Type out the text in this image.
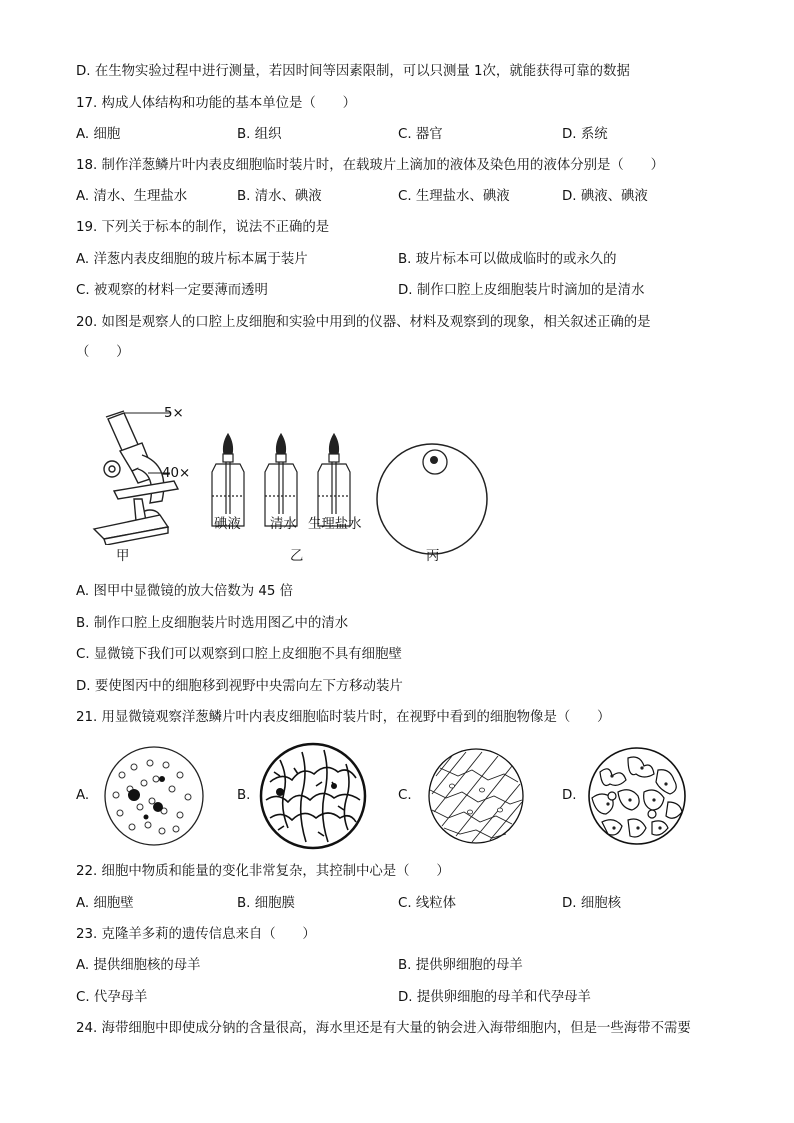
D. 在生物实验过程中进行测量，若因时间等因素限制，可以只测量 1次，就能获得可靠的数据
17. 构成人体结构和功能的基本单位是（　　）
A. 细胞	B. 组织	C. 器官	D. 系统
18. 制作洋葱鳞片叶内表皮细胞临时装片时，在载玻片上滴加的液体及染色用的液体分别是（　　）
A. 清水、生理盐水	B. 清水、碘液	C. 生理盐水、碘液	D. 碘液、碘液
19. 下列关于标本的制作，说法不正确的是
A. 洋葱内表皮细胞的玻片标本属于装片	B. 玻片标本可以做成临时的或永久的
C. 被观察的材料一定要薄而透明	D. 制作口腔上皮细胞装片时滴加的是清水
20. 如图是观察人的口腔上皮细胞和实验中用到的仪器、材料及观察到的现象，相关叙述正确的是
（　　）
5×
40×
碘液 清水 生理盐水
甲	乙	丙
A. 图甲中显微镜的放大倍数为 45 倍
B. 制作口腔上皮细胞装片时选用图乙中的清水
C. 显微镜下我们可以观察到口腔上皮细胞不具有细胞壁
D. 要使图丙中的细胞移到视野中央需向左下方移动装片
21. 用显微镜观察洋葱鳞片叶内表皮细胞临时装片时，在视野中看到的细胞物像是（　　）
A.	B.	C.	D.
22. 细胞中物质和能量的变化非常复杂，其控制中心是（　　）
A. 细胞壁	B. 细胞膜	C. 线粒体	D. 细胞核
23. 克隆羊多莉的遗传信息来自（　　）
A. 提供细胞核的母羊	B. 提供卵细胞的母羊
C. 代孕母羊	D. 提供卵细胞的母羊和代孕母羊
24. 海带细胞中即使成分钠的含量很高，海水里还是有大量的钠会进入海带细胞内，但是一些海带不需要
